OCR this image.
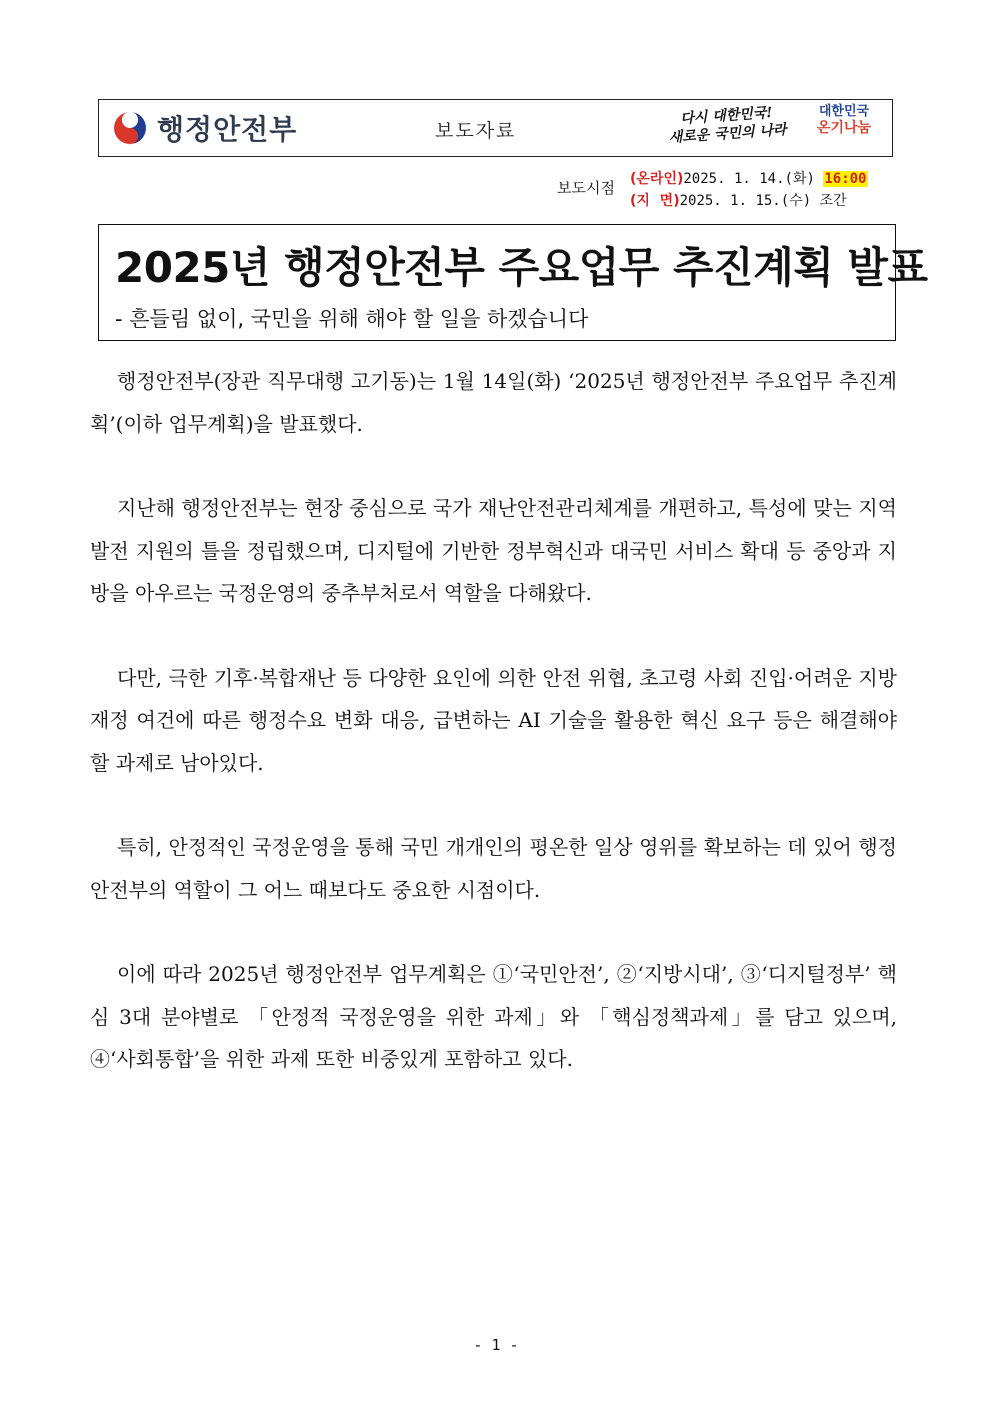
행정안전부	보도자료
다시 대한민국!
새로운 국민의 나라
대한민국
온기나눔
보도시점 (온라인)2025. 1. 14.(화) 16:00
(지  면)2025. 1. 15.(수) 조간
2025년 행정안전부 주요업무 추진계획 발표
- 흔들림 없이, 국민을 위해 해야 할 일을 하겠습니다

행정안전부(장관 직무대행 고기동)는 1월 14일(화) ‘2025년 행정안전부 주요업무 추진계획’(이하 업무계획)을 발표했다.

지난해 행정안전부는 현장 중심으로 국가 재난안전관리체계를 개편하고, 특성에 맞는 지역발전 지원의 틀을 정립했으며, 디지털에 기반한 정부혁신과 대국민 서비스 확대 등 중앙과 지방을 아우르는 국정운영의 중추부처로서 역할을 다해왔다.

다만, 극한 기후·복합재난 등 다양한 요인에 의한 안전 위협, 초고령 사회 진입·어려운 지방재정 여건에 따른 행정수요 변화 대응, 급변하는 AI 기술을 활용한 혁신 요구 등은 해결해야 할 과제로 남아있다.

특히, 안정적인 국정운영을 통해 국민 개개인의 평온한 일상 영위를 확보하는 데 있어 행정안전부의 역할이 그 어느 때보다도 중요한 시점이다.

이에 따라 2025년 행정안전부 업무계획은 ①‘국민안전’, ②‘지방시대’, ③‘디지털정부’ 핵심 3대 분야별로 「안정적 국정운영을 위한 과제」와 「핵심정책과제」를 담고 있으며, ④‘사회통합’을 위한 과제 또한 비중있게 포함하고 있다.

- 1 -
